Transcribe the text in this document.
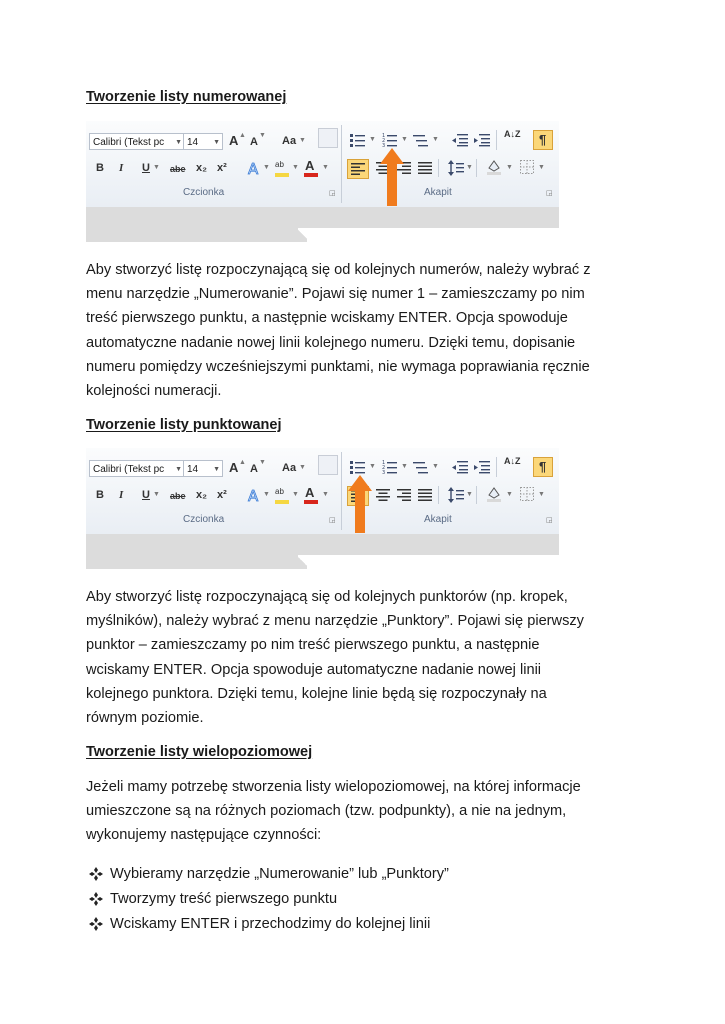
Tworzenie listy numerowanej
Calibri (Tekst pc ▼ 14 ▼ A ▲
A
▼ Aa ▼
B I U ▼ abe x₂ x² A ▼ ab ▼ A ▼
▼ 1
2
3
▼	▼
A↓Z ¶
▼	▼	▼
Czcionka	◲	Akapit	◲
Aby stworzyć listę rozpoczynającą się od kolejnych numerów, należy wybrać z
menu narzędzie „Numerowanie”. Pojawi się numer 1 – zamieszczamy po nim
treść pierwszego punktu, a następnie wciskamy ENTER. Opcja spowoduje
automatyczne nadanie nowej linii kolejnego numeru. Dzięki temu, dopisanie
numeru pomiędzy wcześniejszymi punktami, nie wymaga poprawiania ręcznie
kolejności numeracji.
Tworzenie listy punktowanej
Calibri (Tekst pc ▼ 14 ▼ A ▲
A
▼ Aa ▼
B I U ▼ abe x₂ x² A ▼ ab ▼ A ▼
▼ 1
2
3
▼	▼
A↓Z ¶
▼	▼	▼
Czcionka	◲	Akapit	◲
Aby stworzyć listę rozpoczynającą się od kolejnych punktorów (np. kropek,
myślników), należy wybrać z menu narzędzie „Punktory”. Pojawi się pierwszy
punktor – zamieszczamy po nim treść pierwszego punktu, a następnie
wciskamy ENTER. Opcja spowoduje automatyczne nadanie nowej linii
kolejnego punktora. Dzięki temu, kolejne linie będą się rozpoczynały na
równym poziomie.
Tworzenie listy wielopoziomowej
Jeżeli mamy potrzebę stworzenia listy wielopoziomowej, na której informacje
umieszczone są na różnych poziomach (tzw. podpunkty), a nie na jednym,
wykonujemy następujące czynności:
Wybieramy narzędzie „Numerowanie” lub „Punktory”
Tworzymy treść pierwszego punktu
Wciskamy ENTER i przechodzimy do kolejnej linii
